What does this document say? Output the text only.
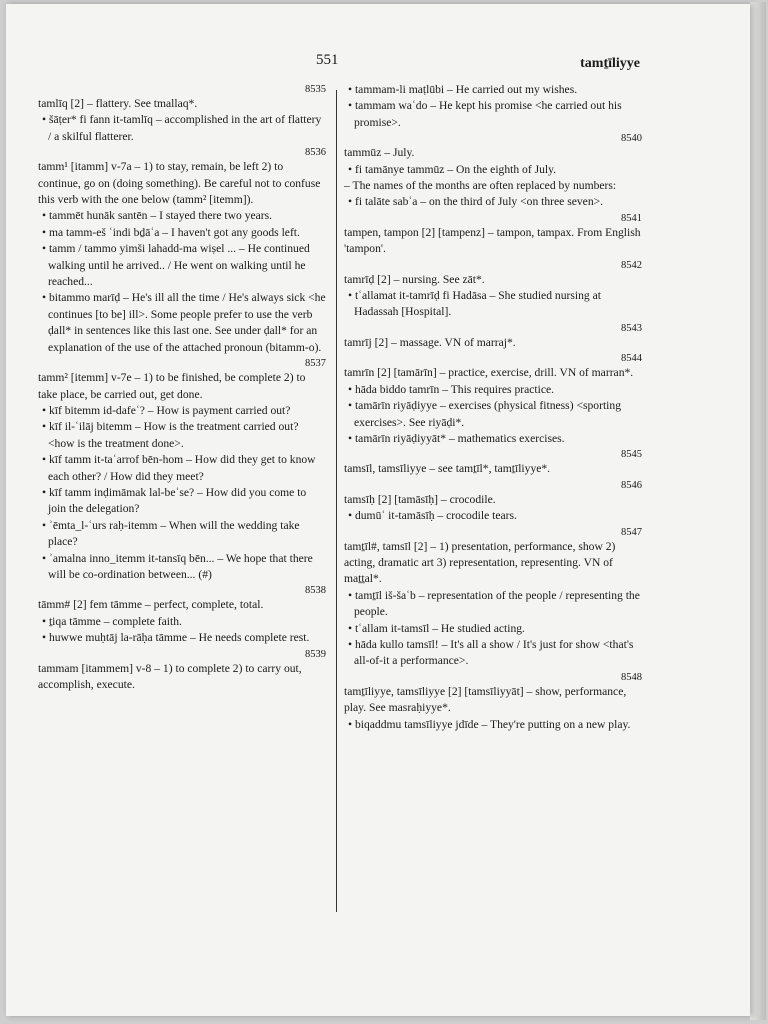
551	tamṯīliyye
8535

tamlīq [2] – flattery. See tmallaq*.

• šāṭer* fi fann it-tamlīq – accomplished in the art of flattery / a skilful flatterer.

8536

tamm¹ [itamm] v-7a – 1) to stay, remain, be left 2) to continue, go on (doing something). Be careful not to confuse this verb with the one below (tamm² [itemm]).

• tammēt hunāk santēn – I stayed there two years.

• ma tamm-eš ʿindi bḏāʿa – I haven't got any goods left.

• tamm / tammo yimši lahadd-ma wiṣel ... – He continued walking until he arrived.. / He went on walking until he reached...

• bitammo marīḍ – He's ill all the time / He's always sick <he continues [to be] ill>. Some people prefer to use the verb ḍall* in sentences like this last one. See under ḍall* for an explanation of the use of the attached pronoun (bitamm-o).

8537

tamm² [itemm] v-7e – 1) to be finished, be complete 2) to take place, be carried out, get done.

• kīf bitemm id-dafeʿ? – How is payment carried out?

• kīf il-ʿilāj bitemm – How is the treatment carried out? <how is the treatment done>.

• kīf tamm it-taʿarrof bēn-hom – How did they get to know each other? / How did they meet?

• kīf tamm inḍimāmak lal-beʿse? – How did you come to join the delegation?

• ʾēmta_l-ʿurs raḥ-itemm – When will the wedding take place?

• ʾamalna inno_itemm it-tansīq bēn... – We hope that there will be co-ordination between... (#)

8538

tāmm# [2] fem tāmme – perfect, complete, total.

• ṯiqa tāmme – complete faith.

• huwwe muḥtāj la-rāḥa tāmme – He needs complete rest.

8539

tammam [itammem] v-8 – 1) to complete 2) to carry out, accomplish, execute.

• tammam-li maṭlūbi – He carried out my wishes.

• tammam waʿdo – He kept his promise <he carried out his promise>.

8540

tammūz – July.

• fi tamānye tammūz – On the eighth of July.

– The names of the months are often replaced by numbers:

• fi talāte sabʿa – on the third of July <on three seven>.

8541

tampen, tampon [2] [tampenz] – tampon, tampax. From English 'tampon'.

8542

tamrīḍ [2] – nursing. See zāt*.

• tʿallamat it-tamrīḍ fi Hadāsa – She studied nursing at Hadassah [Hospital].

8543

tamrīj [2] – massage. VN of marraj*.

8544

tamrīn [2] [tamārīn] – practice, exercise, drill. VN of marran*.

• hāda biddo tamrīn – This requires practice.

• tamārīn riyāḍiyye – exercises (physical fitness) <sporting exercises>. See riyāḍi*.

• tamārīn riyāḍiyyāt* – mathematics exercises.

8545

tamsīl, tamsīliyye – see tamṯīl*, tamṯīliyye*.

8546

tamsīḥ [2] [tamāsīḥ] – crocodile.

• dumūʿ it-tamāsīḥ – crocodile tears.

8547

tamṯīl#, tamsīl [2] – 1) presentation, performance, show 2) acting, dramatic art 3) representation, representing. VN of maṯṯal*.

• tamṯīl iš-šaʿb – representation of the people / representing the people.

• tʿallam it-tamsīl – He studied acting.

• hāda kullo tamsīl! – It's all a show / It's just for show <that's all-of-it a performance>.

8548

tamṯīliyye, tamsīliyye [2] [tamsīliyyāt] – show, performance, play. See masraḥiyye*.

• biqaddmu tamsīliyye jdīde – They're putting on a new play.
